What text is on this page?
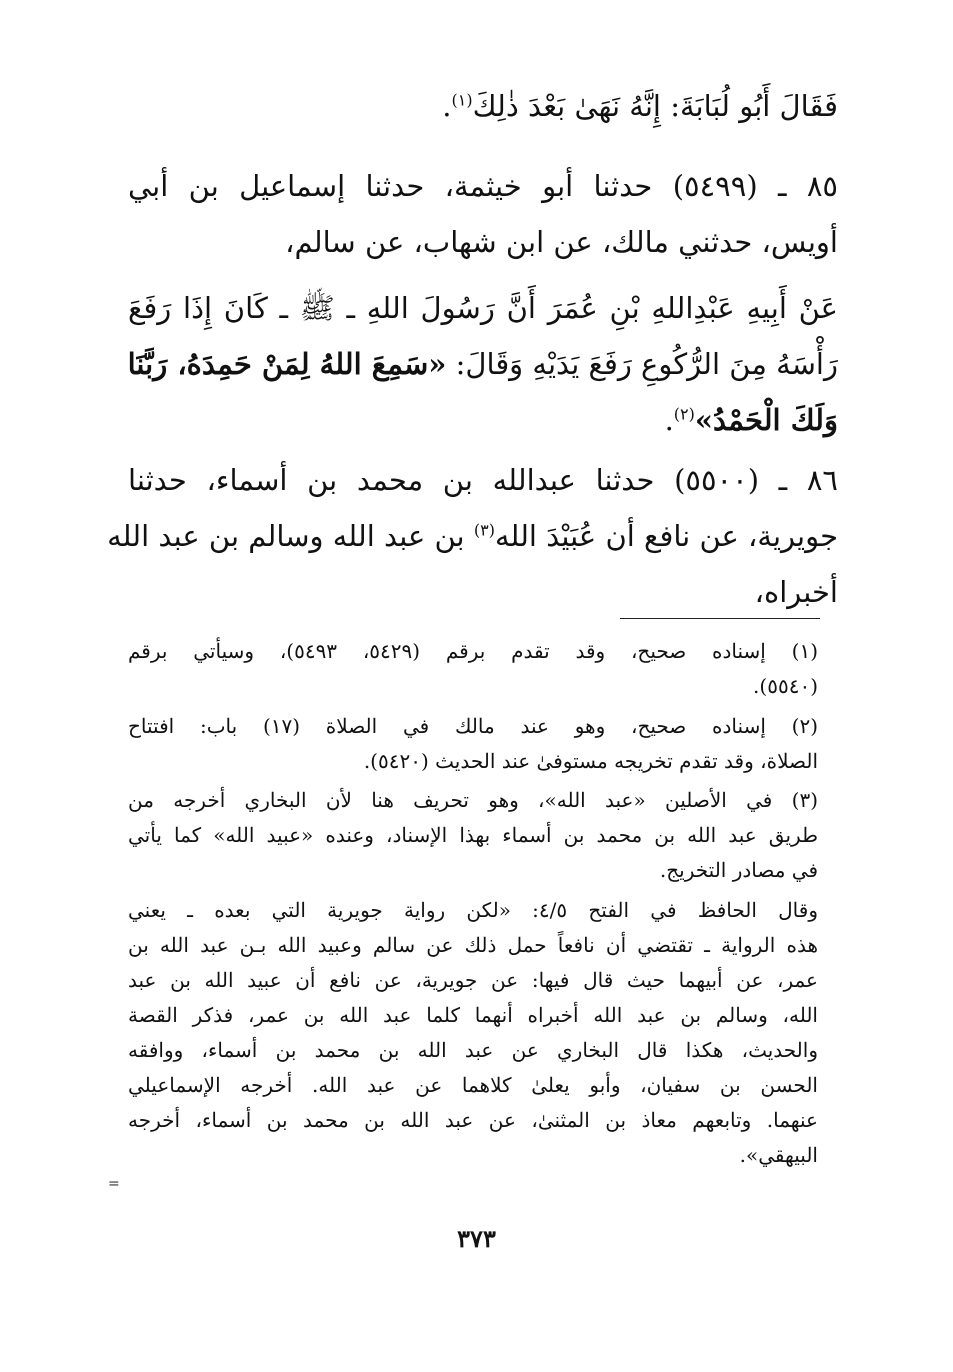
فَقَالَ أَبُو لُبَابَةَ: إِنَّهُ نَهَىٰ بَعْدَ ذٰلِكَ$^{(١)}$.
٨٥ ـ (٥٤٩٩) حدثنا أبو خيثمة، حدثنا إسماعيل بن أبي
أويس، حدثني مالك، عن ابن شهاب، عن سالم،
عَنْ أَبِيهِ عَبْدِاللهِ بْنِ عُمَرَ أَنَّ رَسُولَ اللهِ ـ ﷺ ـ كَانَ إِذَا رَفَعَ
رَأْسَهُ مِنَ الرُّكُوعِ رَفَعَ يَدَيْهِ وَقَالَ: «سَمِعَ اللهُ لِمَنْ حَمِدَهُ، رَبَّنَا
وَلَكَ الْحَمْدُ»$^{(٢)}$.
٨٦ ـ (٥٥٠٠) حدثنا عبدالله بن محمد بن أسماء، حدثنا
جويرية، عن نافع أن عُبَيْدَ الله$^{(٣)}$ بن عبد الله وسالم بن عبد الله
أخبراه،
(١) إسناده صحيح، وقد تقدم برقم (٥٤٢٩، ٥٤٩٣)، وسيأتي برقم
(٥٥٤٠).
(٢) إسناده صحيح، وهو عند مالك في الصلاة (١٧) باب: افتتاح
الصلاة، وقد تقدم تخريجه مستوفىٰ عند الحديث (٥٤٢٠).
(٣) في الأصلين «عبد الله»، وهو تحريف هنا لأن البخاري أخرجه من
طريق عبد الله بن محمد بن أسماء بهذا الإسناد، وعنده «عبيد الله» كما يأتي
في مصادر التخريج.
وقال الحافظ في الفتح ٤/٥: «لكن رواية جويرية التي بعده ـ يعني
هذه الرواية ـ تقتضي أن نافعاً حمل ذلك عن سالم وعبيد الله بـن عبد الله بن
عمر، عن أبيهما حيث قال فيها: عن جويرية، عن نافع أن عبيد الله بن عبد
الله، وسالم بن عبد الله أخبراه أنهما كلما عبد الله بن عمر، فذكر القصة
والحديث، هكذا قال البخاري عن عبد الله بن محمد بن أسماء، ووافقه
الحسن بن سفيان، وأبو يعلىٰ كلاهما عن عبد الله. أخرجه الإسماعيلي
عنهما. وتابعهم معاذ بن المثنىٰ، عن عبد الله بن محمد بن أسماء، أخرجه
البيهقي».
=
٣٧٣
